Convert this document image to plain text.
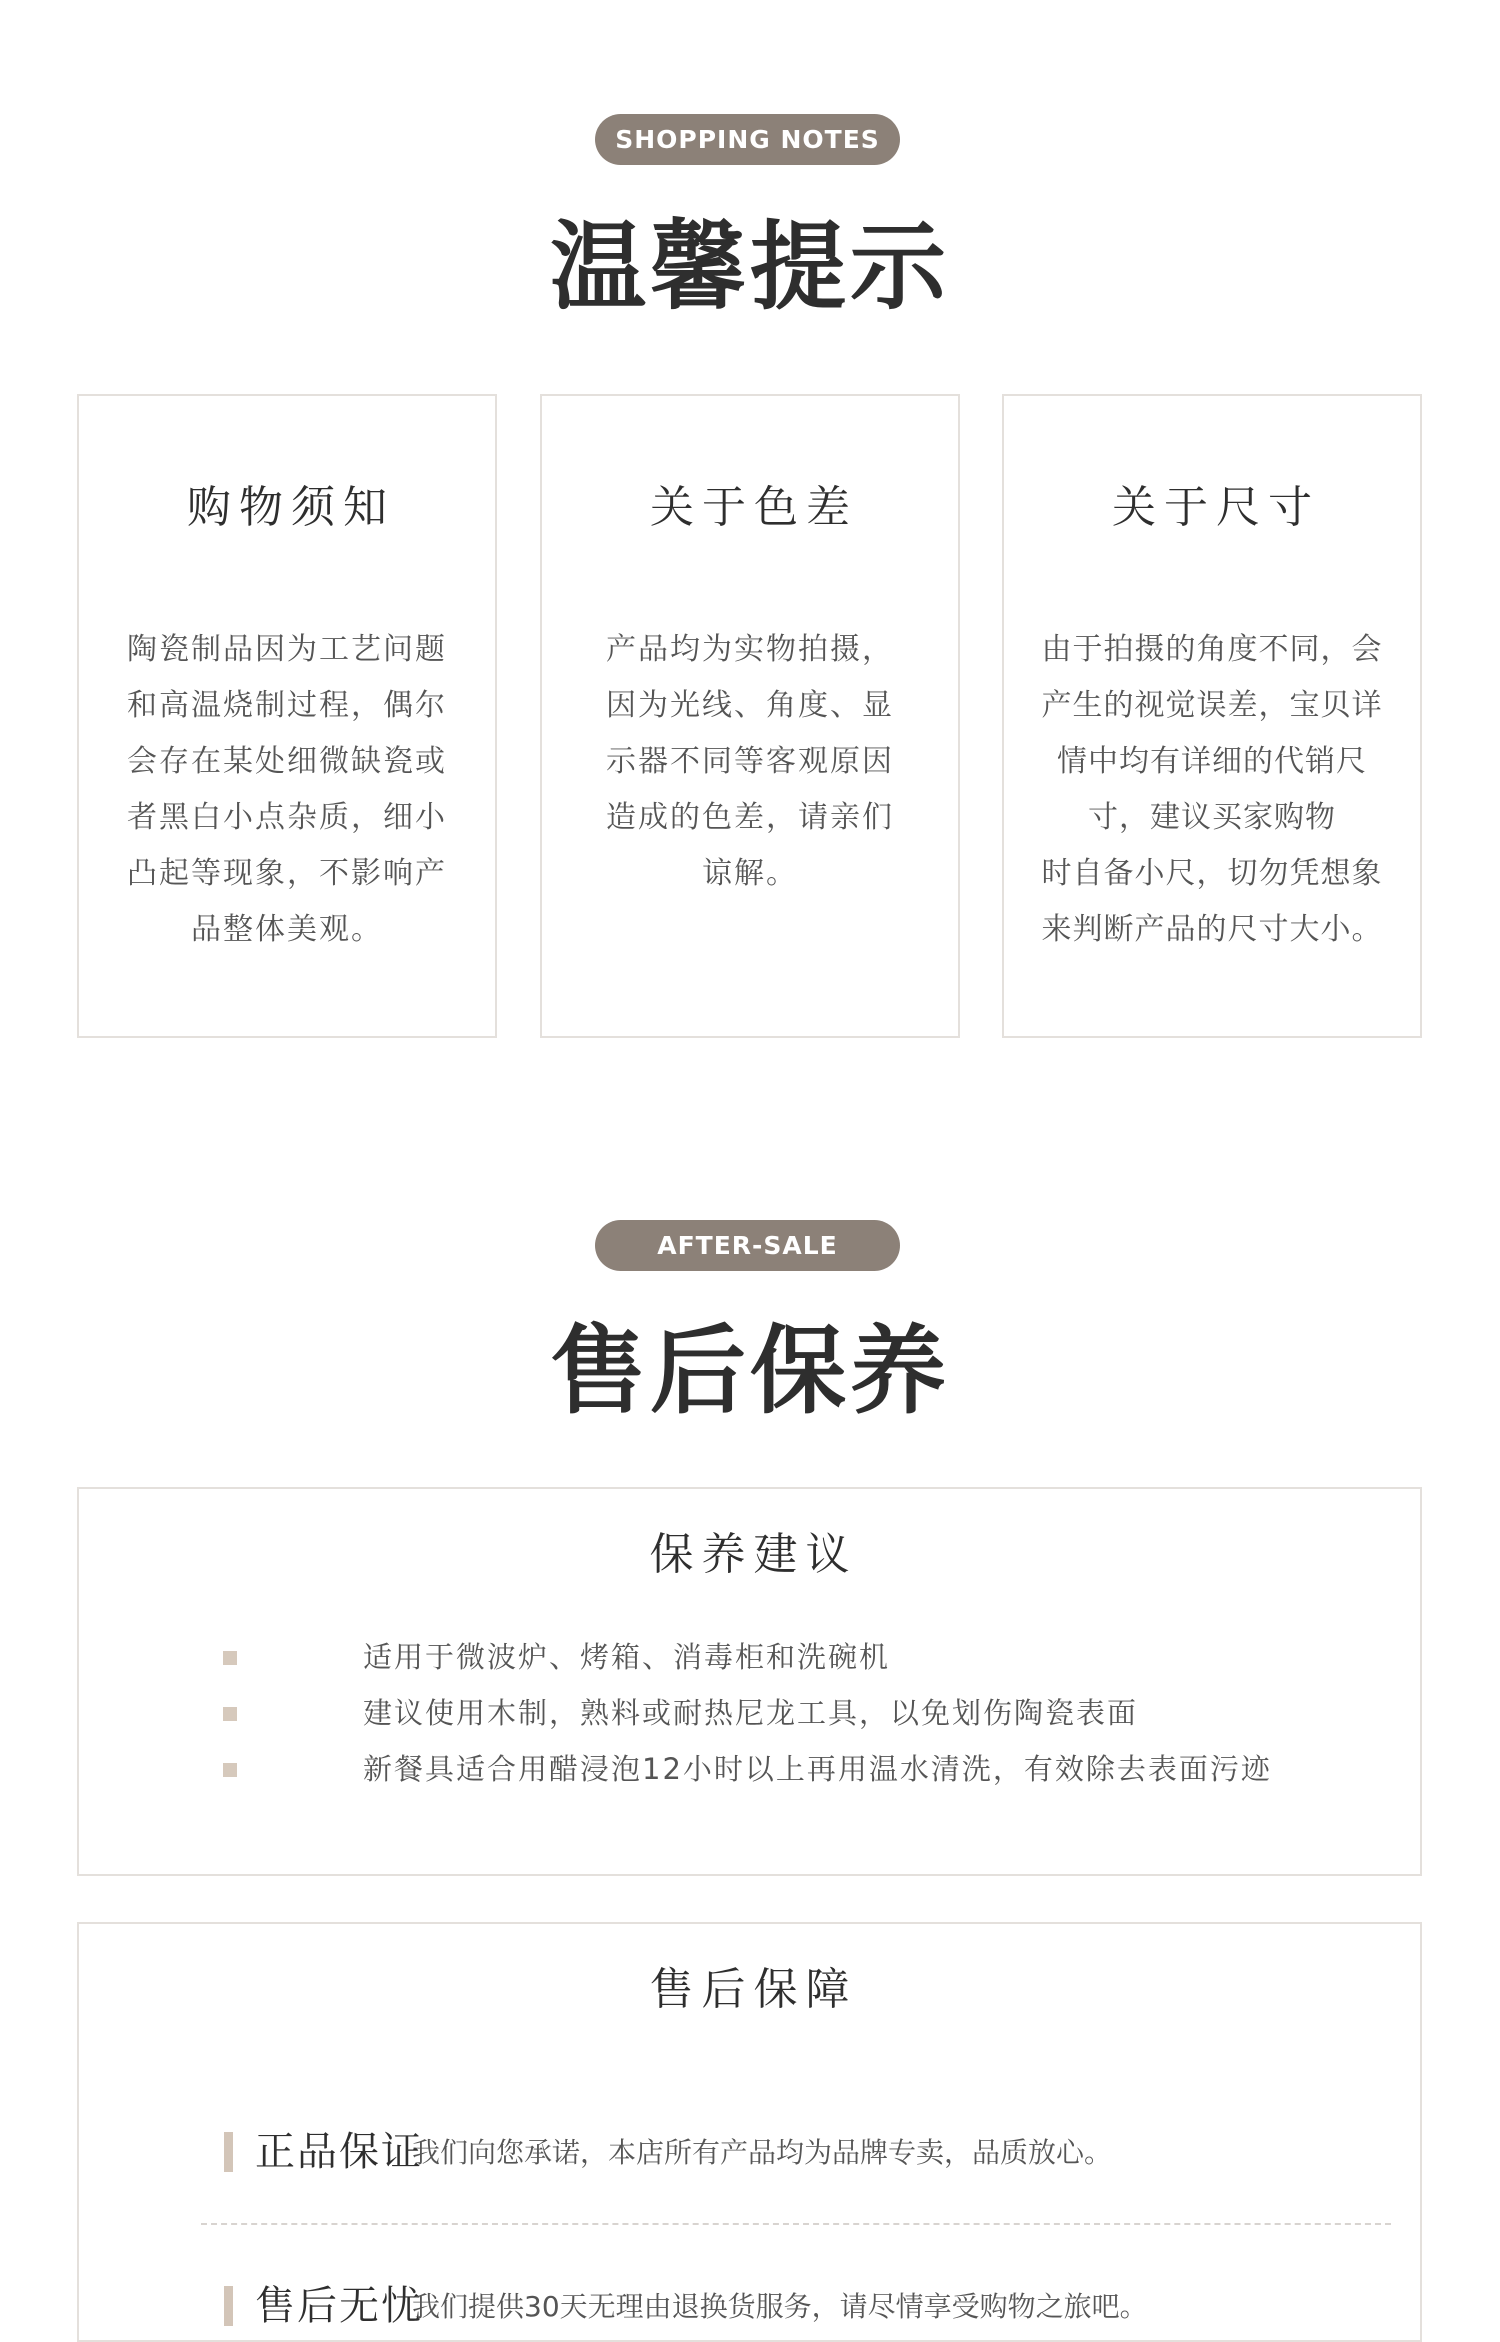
SHOPPING NOTES
温馨提示
购物须知
陶瓷制品因为工艺问题
和高温烧制过程，偶尔
会存在某处细微缺瓷或
者黑白小点杂质，细小
凸起等现象，不影响产
品整体美观。
关于色差
产品均为实物拍摄，
因为光线、角度、显
示器不同等客观原因
造成的色差，请亲们
谅解。
关于尺寸
由于拍摄的角度不同，会
产生的视觉误差，宝贝详
情中均有详细的代销尺
寸，建议买家购物
时自备小尺，切勿凭想象
来判断产品的尺寸大小。
AFTER-SALE
售后保养
保养建议
适用于微波炉、烤箱、消毒柜和洗碗机
建议使用木制，熟料或耐热尼龙工具，以免划伤陶瓷表面
新餐具适合用醋浸泡12小时以上再用温水清洗，有效除去表面污迹
售后保障
正品保证
我们向您承诺，本店所有产品均为品牌专卖，品质放心。
售后无忧
我们提供30天无理由退换货服务，请尽情享受购物之旅吧。
